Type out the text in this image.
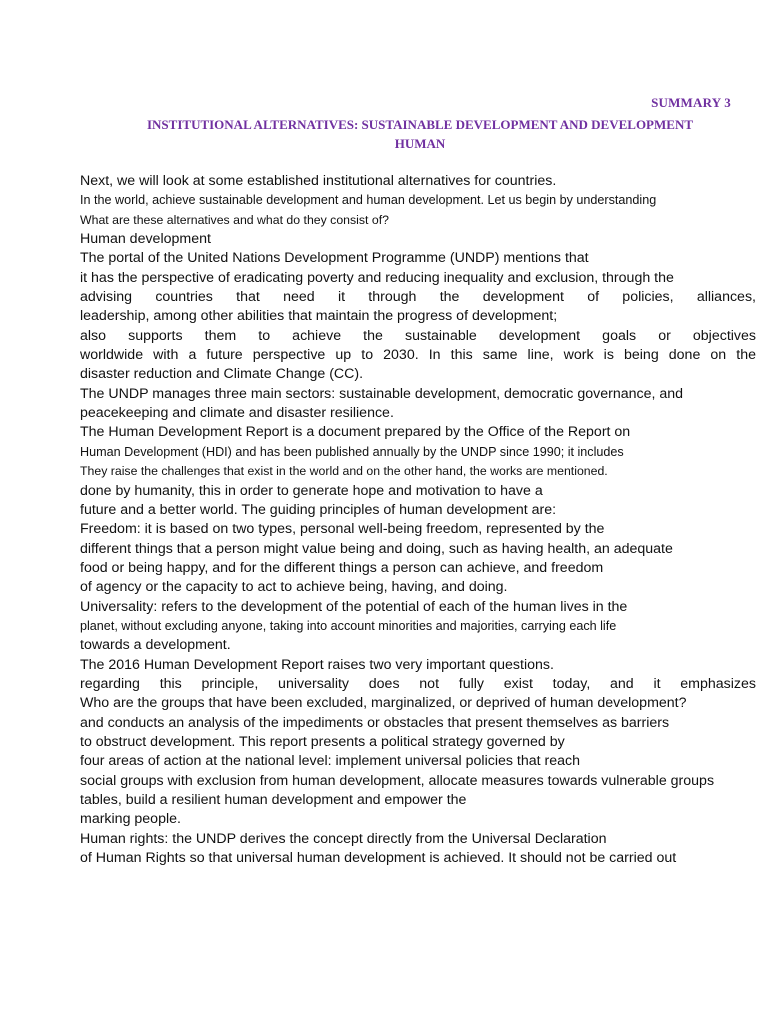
SUMMARY 3
INSTITUTIONAL ALTERNATIVES: SUSTAINABLE DEVELOPMENT AND DEVELOPMENT
HUMAN
Next, we will look at some established institutional alternatives for countries.
In the world, achieve sustainable development and human development. Let us begin by understanding
What are these alternatives and what do they consist of?
Human development
The portal of the United Nations Development Programme (UNDP) mentions that
it has the perspective of eradicating poverty and reducing inequality and exclusion, through the
advising countries that need it through the development of policies, alliances,
leadership, among other abilities that maintain the progress of development;
also supports them to achieve the sustainable development goals or objectives
worldwide with a future perspective up to 2030. In this same line, work is being done on the
disaster reduction and Climate Change (CC).
The UNDP manages three main sectors: sustainable development, democratic governance, and
peacekeeping and climate and disaster resilience.
The Human Development Report is a document prepared by the Office of the Report on
Human Development (HDI) and has been published annually by the UNDP since 1990; it includes
They raise the challenges that exist in the world and on the other hand, the works are mentioned.
done by humanity, this in order to generate hope and motivation to have a
future and a better world. The guiding principles of human development are:
Freedom: it is based on two types, personal well-being freedom, represented by the
different things that a person might value being and doing, such as having health, an adequate
food or being happy, and for the different things a person can achieve, and freedom
of agency or the capacity to act to achieve being, having, and doing.
Universality: refers to the development of the potential of each of the human lives in the
planet, without excluding anyone, taking into account minorities and majorities, carrying each life
towards a development.
The 2016 Human Development Report raises two very important questions.
regarding this principle, universality does not fully exist today, and it emphasizes
Who are the groups that have been excluded, marginalized, or deprived of human development?
and conducts an analysis of the impediments or obstacles that present themselves as barriers
to obstruct development. This report presents a political strategy governed by
four areas of action at the national level: implement universal policies that reach
social groups with exclusion from human development, allocate measures towards vulnerable groups
tables, build a resilient human development and empower the
marking people.
Human rights: the UNDP derives the concept directly from the Universal Declaration
of Human Rights so that universal human development is achieved. It should not be carried out
